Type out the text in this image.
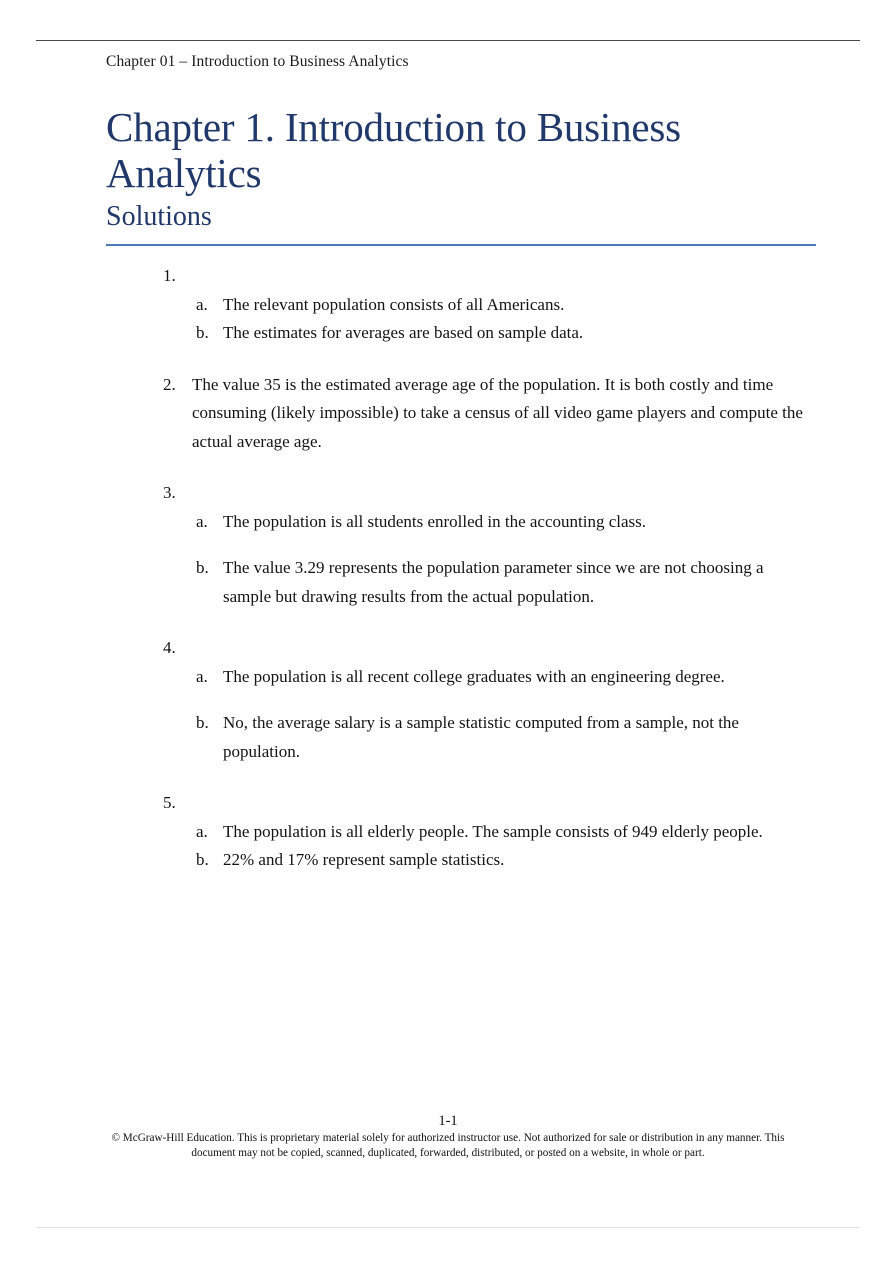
Chapter 01 – Introduction to Business Analytics
Chapter 1. Introduction to Business Analytics
Solutions
1.
a. The relevant population consists of all Americans.
b. The estimates for averages are based on sample data.
2. The value 35 is the estimated average age of the population. It is both costly and time consuming (likely impossible) to take a census of all video game players and compute the actual average age.
3.
a. The population is all students enrolled in the accounting class.
b. The value 3.29 represents the population parameter since we are not choosing a sample but drawing results from the actual population.
4.
a. The population is all recent college graduates with an engineering degree.
b. No, the average salary is a sample statistic computed from a sample, not the population.
5.
a. The population is all elderly people. The sample consists of 949 elderly people.
b. 22% and 17% represent sample statistics.
1-1
© McGraw-Hill Education. This is proprietary material solely for authorized instructor use. Not authorized for sale or distribution in any manner. This document may not be copied, scanned, duplicated, forwarded, distributed, or posted on a website, in whole or part.
